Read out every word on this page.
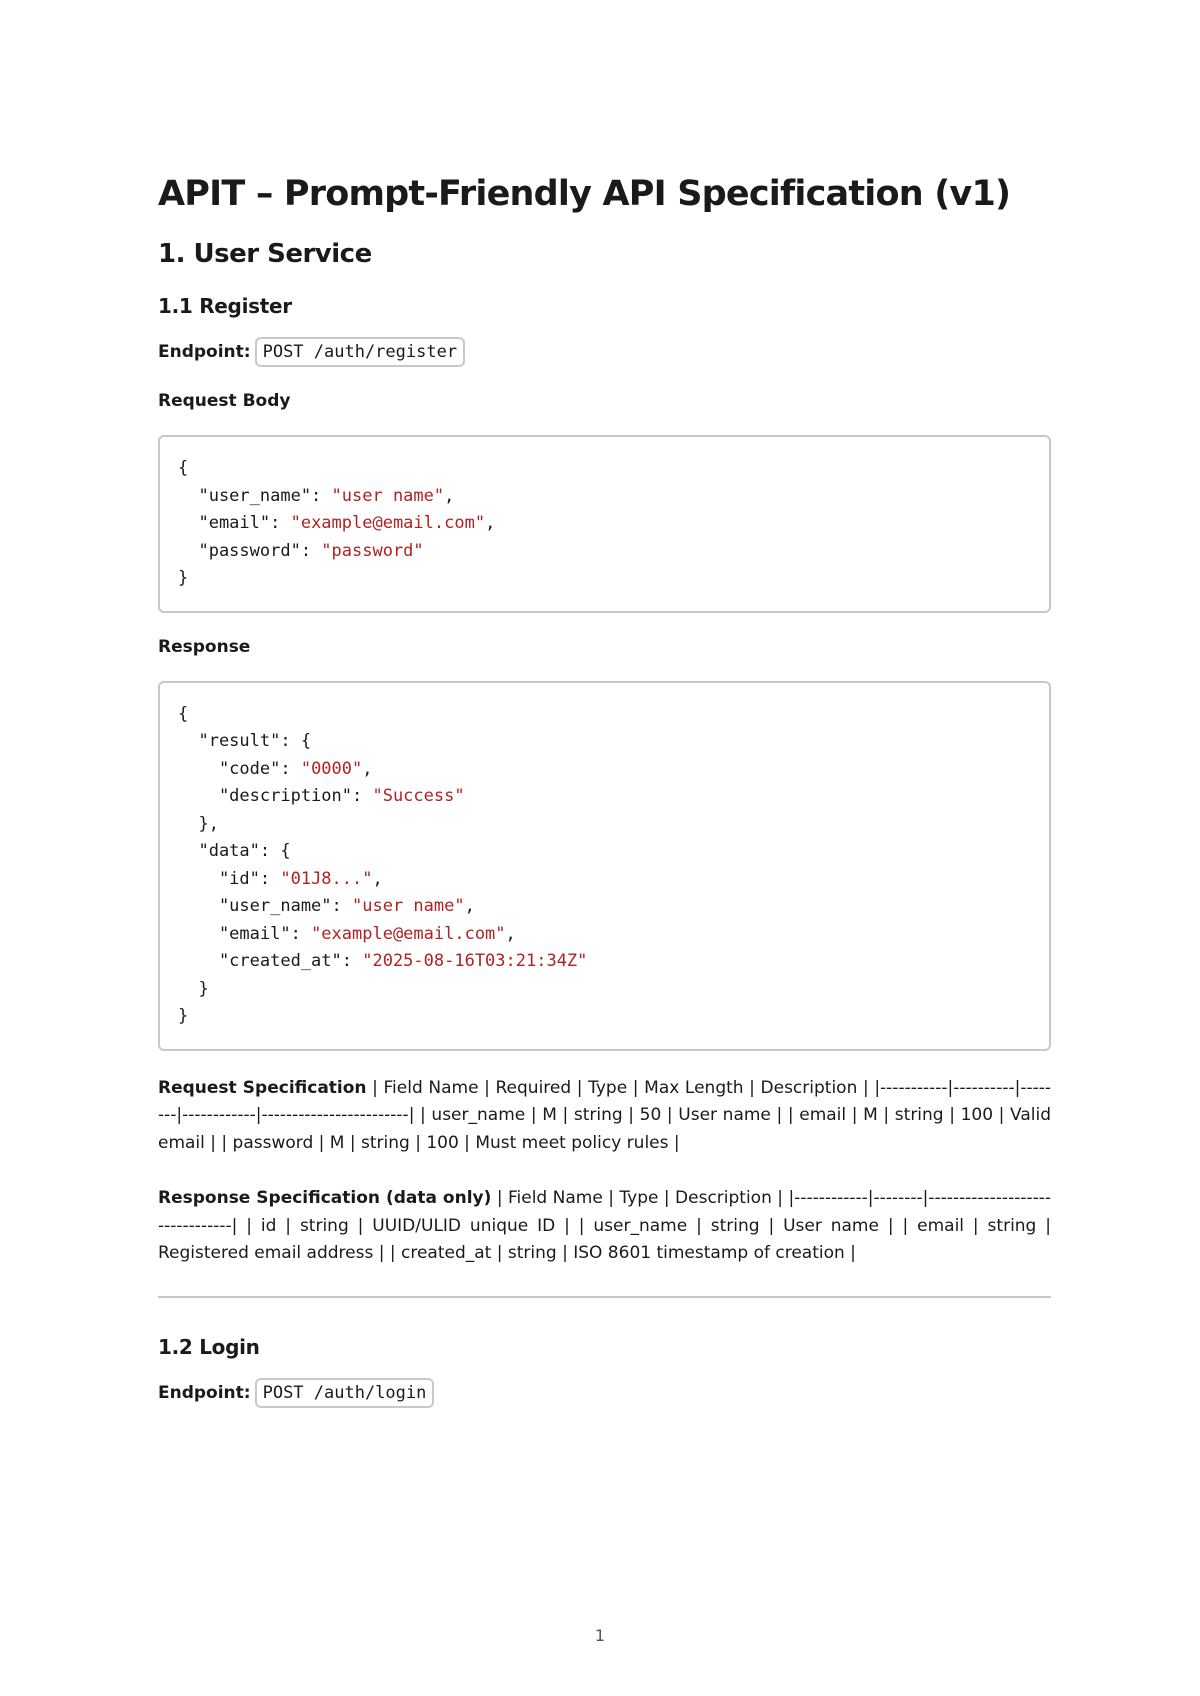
APIT – Prompt-Friendly API Specification (v1)
1. User Service
1.1 Register
Endpoint: POST /auth/register
Request Body
{
"user_name": "user name",
"email": "example@email.com",
"password": "password"
}
Response
{
"result": {
"code": "0000",
"description": "Success"
},
"data": {
"id": "01J8...",
"user_name": "user name",
"email": "example@email.com",
"created_at": "2025-08-16T03:21:34Z"
}
}

Request Specification | Field Name | Required | Type | Max Length | Description | |-----------|----------|--------|------------|------------------------| | user_name | M | string | 50 | User name | | email | M | string | 100 | Valid email | | password | M | string | 100 | Must meet policy rules |

Response Specification (data only) | Field Name | Type | Description | |------------|--------|--------------------------------| | id | string | UUID/ULID unique ID | | user_name | string | User name | | email | string | Registered email address | | created_at | string | ISO 8601 timestamp of creation |

1.2 Login
Endpoint: POST /auth/login
1
